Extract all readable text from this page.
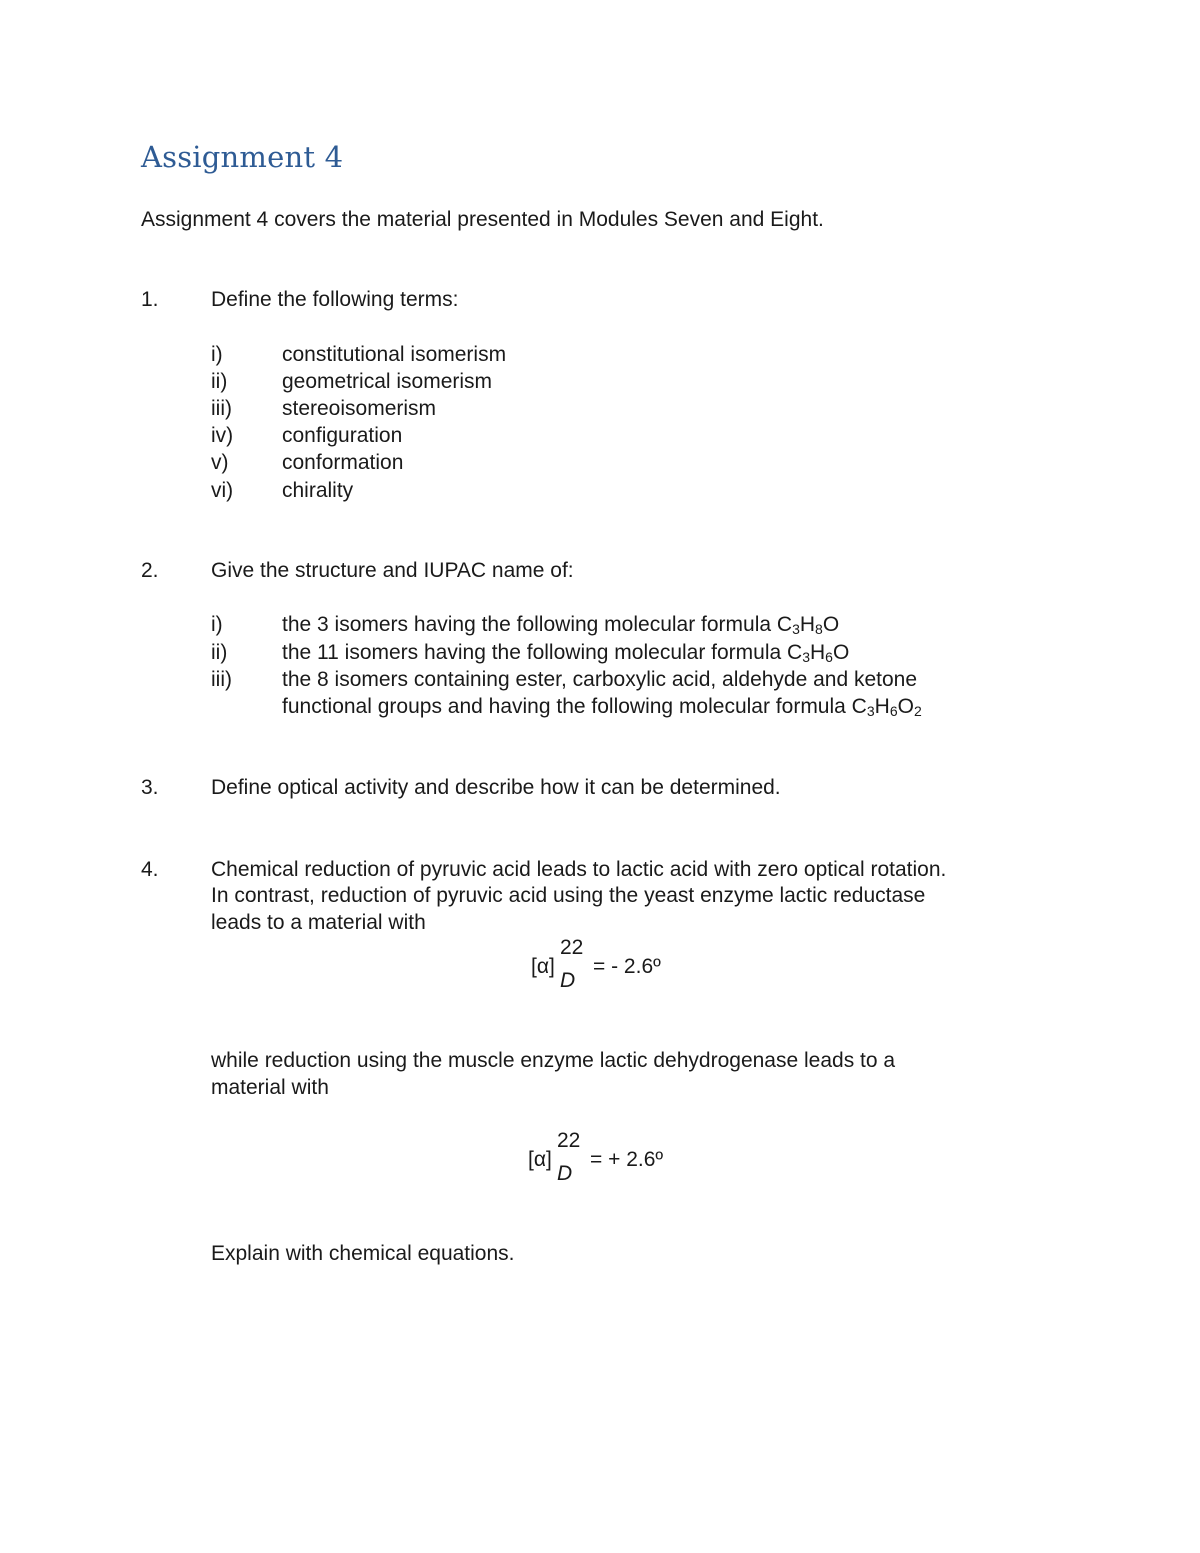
Assignment 4
Assignment 4 covers the material presented in Modules Seven and Eight.
1. Define the following terms:
i)	constitutional isomerism
ii)	geometrical isomerism
iii) stereoisomerism
iv) configuration
v)	conformation
vi) chirality
2. Give the structure and IUPAC name of:
i)	the 3 isomers having the following molecular formula $C_3H_8O$
ii)	the 11 isomers having the following molecular formula $C_3H_6O$
iii) the 8 isomers containing ester, carboxylic acid, aldehyde and ketone
functional groups and having the following molecular formula $C_3H_6O_2$
3. Define optical activity and describe how it can be determined.
4. Chemical reduction of pyruvic acid leads to lactic acid with zero optical rotation.
In contrast, reduction of pyruvic acid using the yeast enzyme lactic reductase
leads to a material with
[α]
22
D
= - 2.6º
while reduction using the muscle enzyme lactic dehydrogenase leads to a
material with
[α]
22
D
= + 2.6º
Explain with chemical equations.
